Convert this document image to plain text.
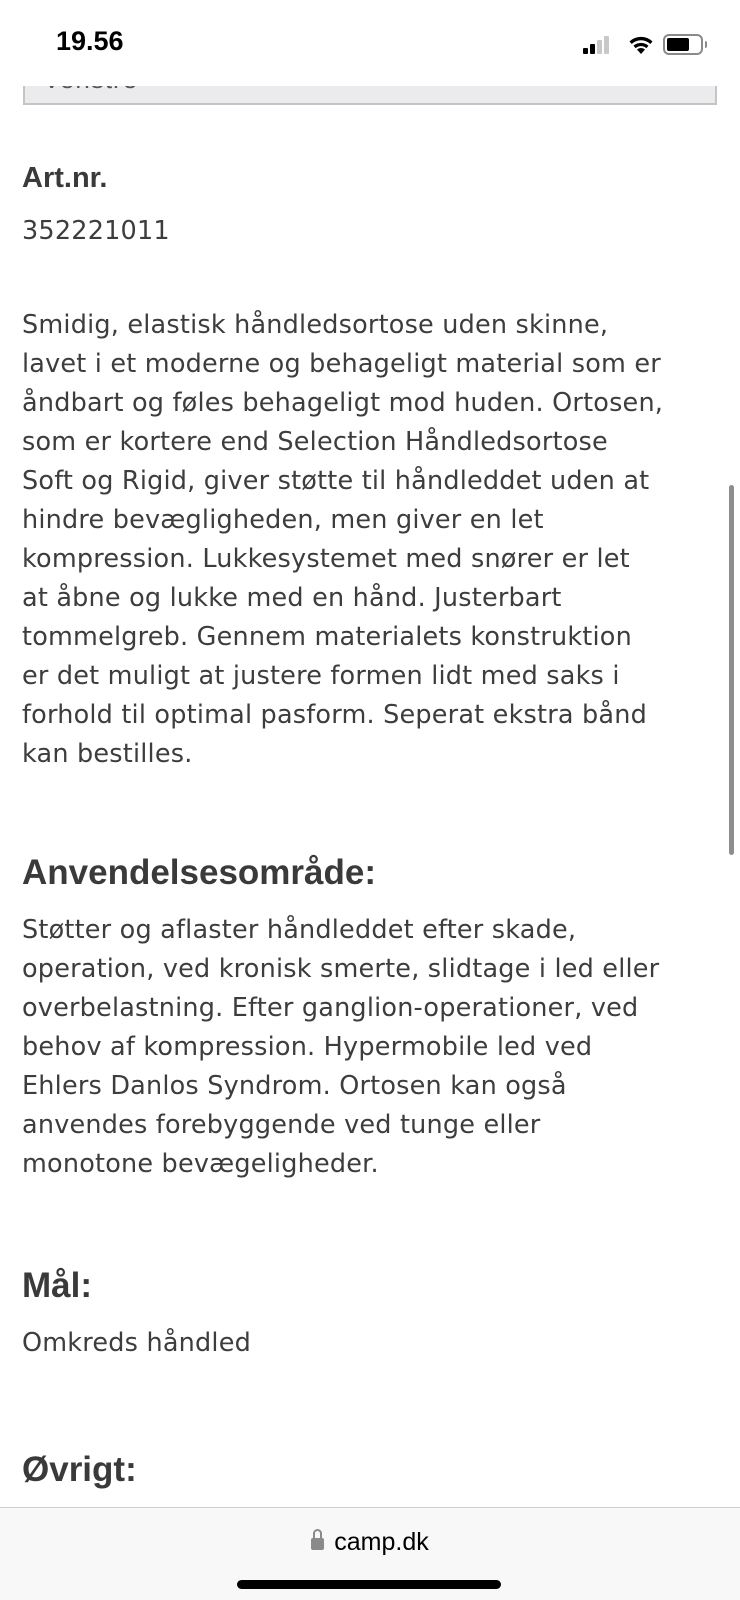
Art.nr.
352221011
Smidig, elastisk håndledsortose uden skinne,
lavet i et moderne og behageligt material som er
åndbart og føles behageligt mod huden. Ortosen,
som er kortere end Selection Håndledsortose
Soft og Rigid, giver støtte til håndleddet uden at
hindre bevægligheden, men giver en let
kompression. Lukkesystemet med snører er let
at åbne og lukke med en hånd. Justerbart
tommelgreb. Gennem materialets konstruktion
er det muligt at justere formen lidt med saks i
forhold til optimal pasform. Seperat ekstra bånd
kan bestilles.
Anvendelsesområde:
Støtter og aflaster håndleddet efter skade,
operation, ved kronisk smerte, slidtage i led eller
overbelastning. Efter ganglion-operationer, ved
behov af kompression. Hypermobile led ved
Ehlers Danlos Syndrom. Ortosen kan også
anvendes forebyggende ved tunge eller
monotone bevægeligheder.
Mål:
Omkreds håndled
Øvrigt:
19.56
camp.dk
